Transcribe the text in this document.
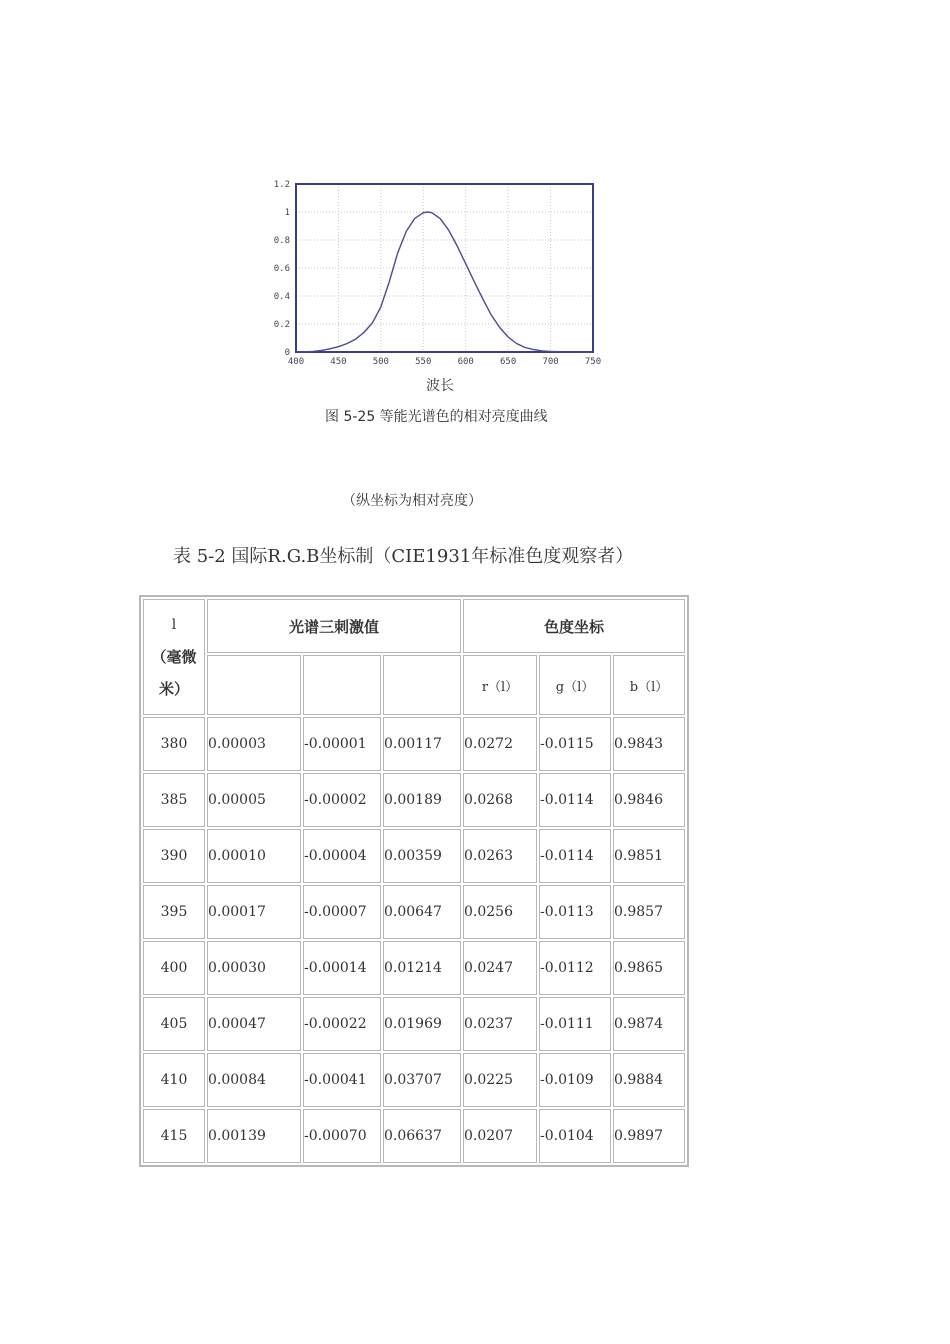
0
0.2
0.4
0.6
0.8
1
1.2
400	450	500	550	600	650	700	750
波长
图 5-25 等能光谱色的相对亮度曲线
（纵坐标为相对亮度）
表 5-2 国际R.G.B坐标制（CIE1931年标准色度观察者）
l
（毫微
米）	光谱三刺激值			色度坐标		
				r（l）	g（l）	b（l）
380	0.00003	-0.00001	0.00117	0.0272	-0.0115	0.9843
385	0.00005	-0.00002	0.00189	0.0268	-0.0114	0.9846
390	0.00010	-0.00004	0.00359	0.0263	-0.0114	0.9851
395	0.00017	-0.00007	0.00647	0.0256	-0.0113	0.9857
400	0.00030	-0.00014	0.01214	0.0247	-0.0112	0.9865
405	0.00047	-0.00022	0.01969	0.0237	-0.0111	0.9874
410	0.00084	-0.00041	0.03707	0.0225	-0.0109	0.9884
415	0.00139	-0.00070	0.06637	0.0207	-0.0104	0.9897
